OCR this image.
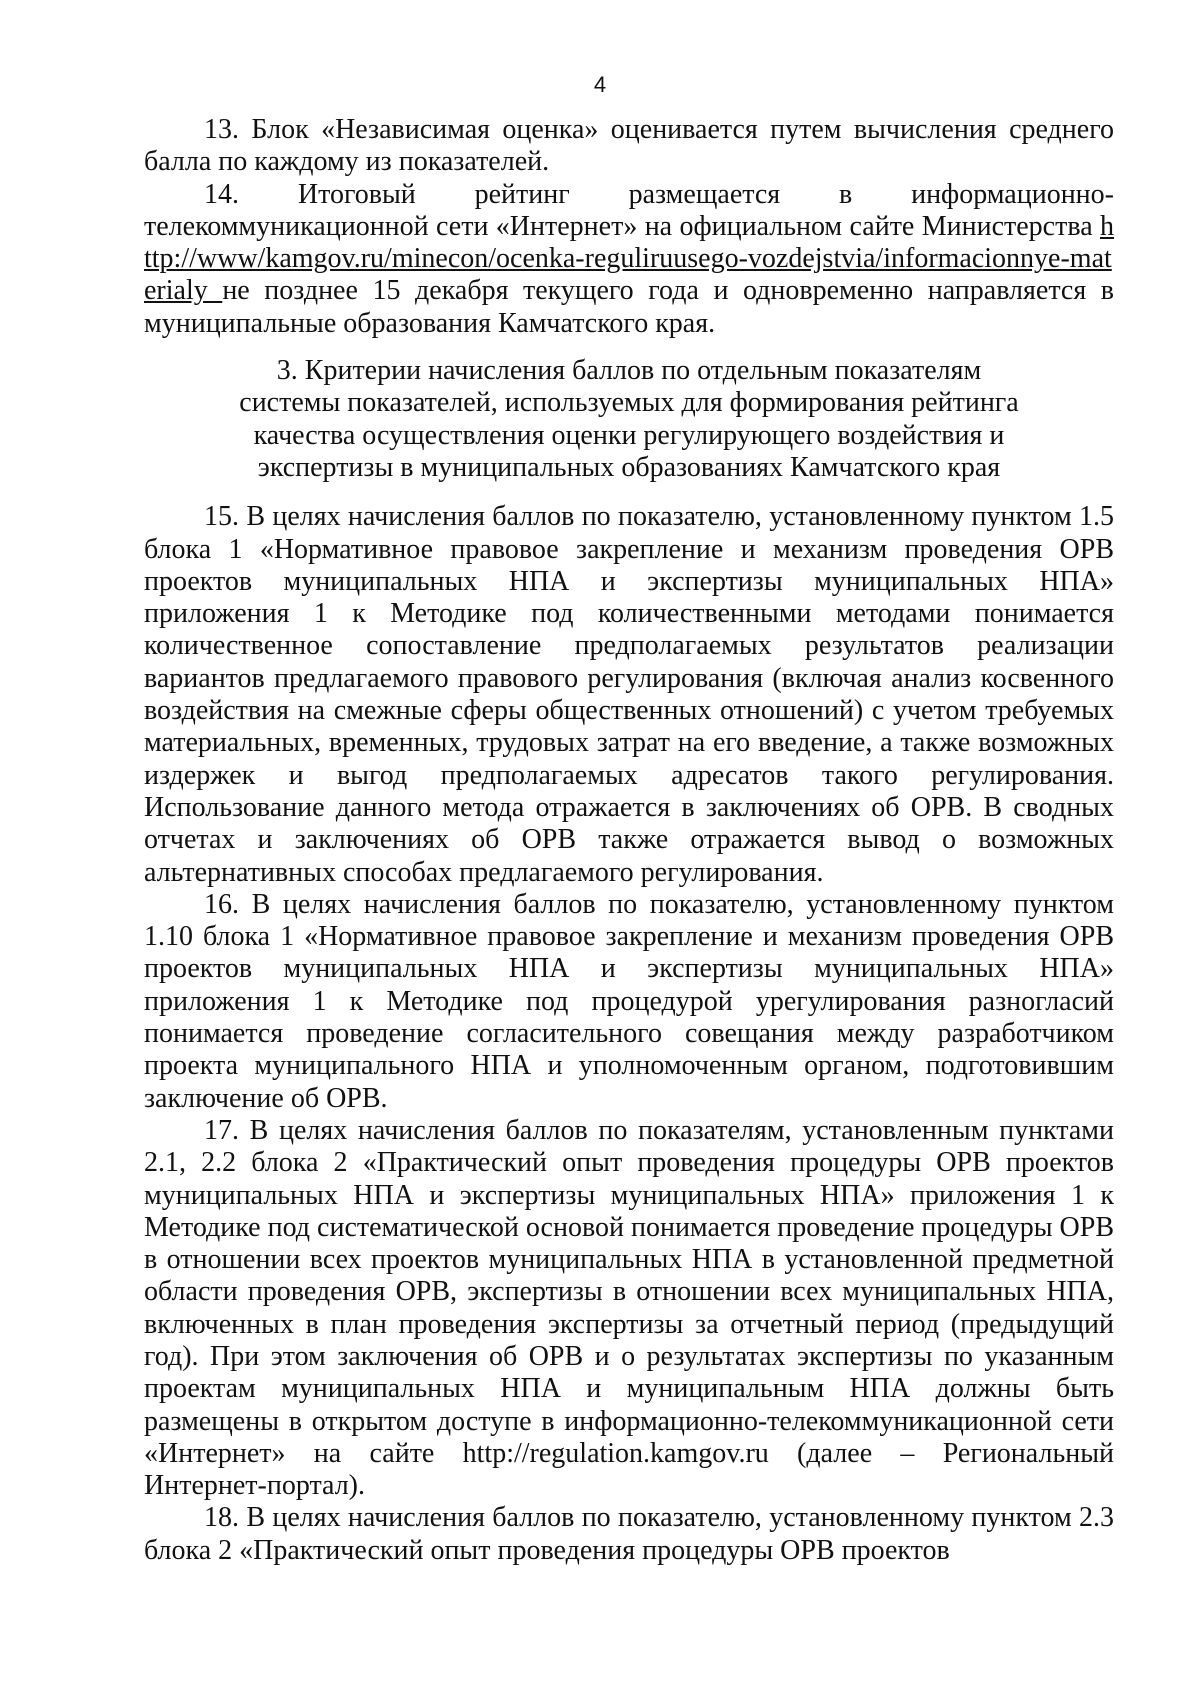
4

13. Блок «Независимая оценка» оценивается путем вычисления среднего балла по каждому из показателей.

14. Итоговый рейтинг размещается в информационно-телекоммуникационной сети «Интернет» на официальном сайте Министерства http://www/kamgov.ru/minecon/ocenka-reguliruusego-vozdejstvia/informacionnye-materialy не позднее 15 декабря текущего года и одновременно направляется в муниципальные образования Камчатского края.

3. Критерии начисления баллов по отдельным показателям системы показателей, используемых для формирования рейтинга качества осуществления оценки регулирующего воздействия и экспертизы в муниципальных образованиях Камчатского края

15. В целях начисления баллов по показателю, установленному пунктом 1.5 блока 1 «Нормативное правовое закрепление и механизм проведения ОРВ проектов муниципальных НПА и экспертизы муниципальных НПА» приложения 1 к Методике под количественными методами понимается количественное сопоставление предполагаемых результатов реализации вариантов предлагаемого правового регулирования (включая анализ косвенного воздействия на смежные сферы общественных отношений) с учетом требуемых материальных, временных, трудовых затрат на его введение, а также возможных издержек и выгод предполагаемых адресатов такого регулирования. Использование данного метода отражается в заключениях об ОРВ. В сводных отчетах и заключениях об ОРВ также отражается вывод о возможных альтернативных способах предлагаемого регулирования.

16. В целях начисления баллов по показателю, установленному пунктом 1.10 блока 1 «Нормативное правовое закрепление и механизм проведения ОРВ проектов муниципальных НПА и экспертизы муниципальных НПА» приложения 1 к Методике под процедурой урегулирования разногласий понимается проведение согласительного совещания между разработчиком проекта муниципального НПА и уполномоченным органом, подготовившим заключение об ОРВ.

17. В целях начисления баллов по показателям, установленным пунктами 2.1, 2.2 блока 2 «Практический опыт проведения процедуры ОРВ проектов муниципальных НПА и экспертизы муниципальных НПА» приложения 1 к Методике под систематической основой понимается проведение процедуры ОРВ в отношении всех проектов муниципальных НПА в установленной предметной области проведения ОРВ, экспертизы в отношении всех муниципальных НПА, включенных в план проведения экспертизы за отчетный период (предыдущий год). При этом заключения об ОРВ и о результатах экспертизы по указанным проектам муниципальных НПА и муниципальным НПА должны быть размещены в открытом доступе в информационно-телекоммуникационной сети «Интернет» на сайте http://regulation.kamgov.ru (далее – Региональный Интернет-портал).

18. В целях начисления баллов по показателю, установленному пунктом 2.3 блока 2 «Практический опыт проведения процедуры ОРВ проектов
